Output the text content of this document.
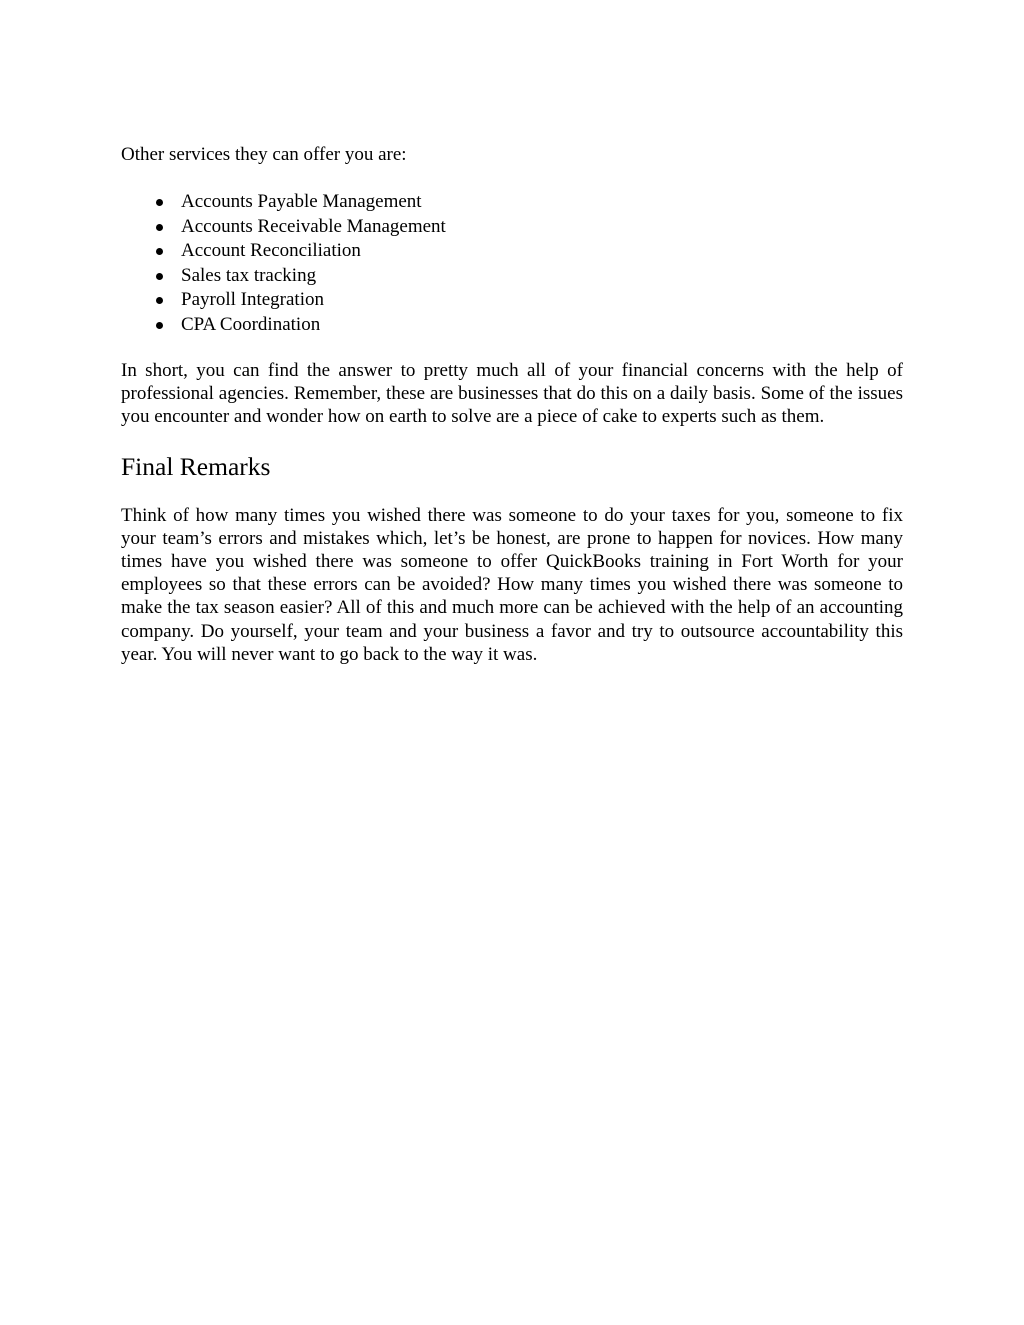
Other services they can offer you are:

Accounts Payable Management
Accounts Receivable Management
Account Reconciliation
Sales tax tracking
Payroll Integration
CPA Coordination

In short, you can find the answer to pretty much all of your financial concerns with the help of professional agencies. Remember, these are businesses that do this on a daily basis. Some of the issues you encounter and wonder how on earth to solve are a piece of cake to experts such as them.

Final Remarks

Think of how many times you wished there was someone to do your taxes for you, someone to fix your team’s errors and mistakes which, let’s be honest, are prone to happen for novices. How many times have you wished there was someone to offer QuickBooks training in Fort Worth for your employees so that these errors can be avoided? How many times you wished there was someone to make the tax season easier? All of this and much more can be achieved with the help of an accounting company. Do yourself, your team and your business a favor and try to outsource accountability this year. You will never want to go back to the way it was.
